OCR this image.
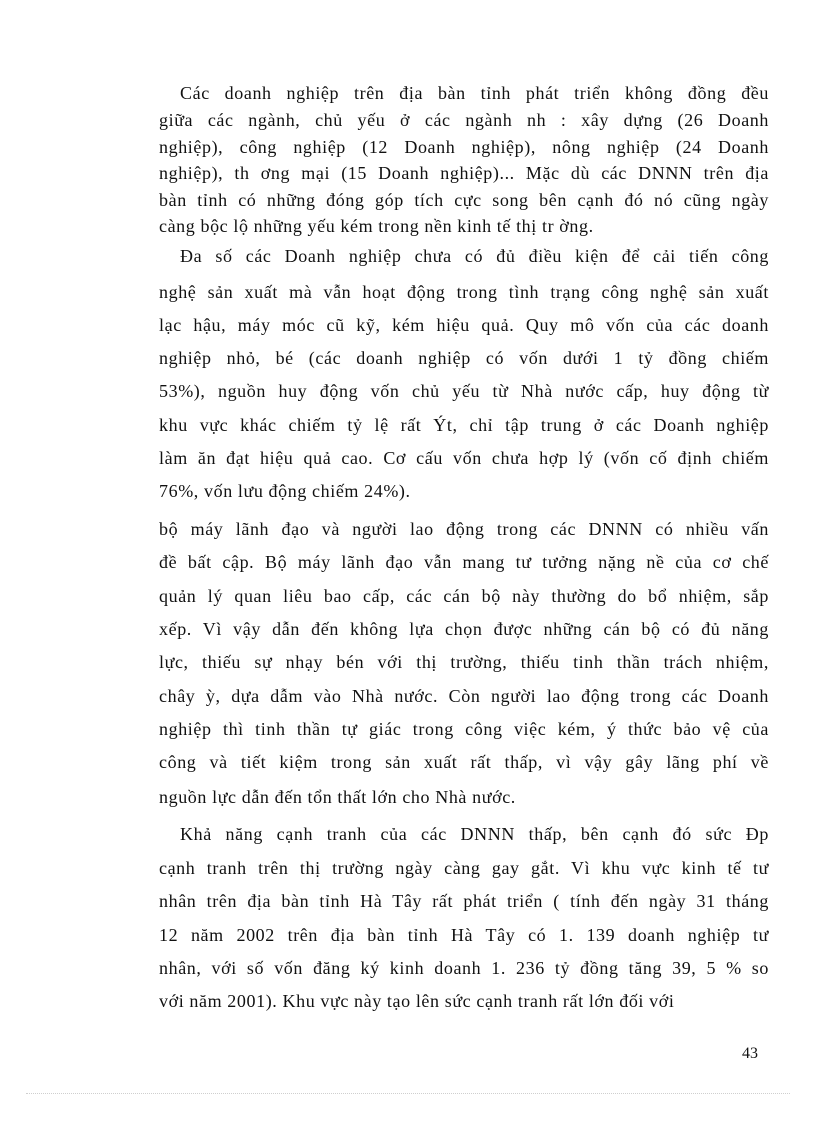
Các doanh nghiệp trên địa bàn tỉnh phát triển không đồng đều
giữa các ngành, chủ yếu ở các ngành nh : xây dựng (26 Doanh
nghiệp), công nghiệp (12 Doanh nghiệp), nông nghiệp (24 Doanh
nghiệp), th ơng mại (15 Doanh nghiệp)... Mặc dù các DNNN trên địa
bàn tỉnh có những đóng góp tích cực song bên cạnh đó nó cũng ngày
càng bộc lộ những yếu kém trong nền kinh tế thị tr ờng.
Đa số các Doanh nghiệp chưa có đủ điều kiện để cải tiến công
nghệ sản xuất mà vẫn hoạt động trong tình trạng công nghệ sản xuất
lạc hậu, máy móc cũ kỹ, kém hiệu quả. Quy mô vốn của các doanh
nghiệp nhỏ, bé (các doanh nghiệp có vốn dưới 1 tỷ đồng chiếm
53%), nguồn huy động vốn chủ yếu từ Nhà nước cấp, huy động từ
khu vực khác chiếm tỷ lệ rất Ýt, chỉ tập trung ở các Doanh nghiệp
làm ăn đạt hiệu quả cao. Cơ cấu vốn chưa hợp lý (vốn cố định chiếm
76%, vốn lưu động chiếm 24%).
bộ máy lãnh đạo và người lao động trong các DNNN có nhiều vấn
đề bất cập. Bộ máy lãnh đạo vẫn mang tư tưởng nặng nề của cơ chế
quản lý quan liêu bao cấp, các cán bộ này thường do bổ nhiệm, sắp
xếp. Vì vậy dẫn đến không lựa chọn được những cán bộ có đủ năng
lực, thiếu sự nhạy bén với thị trường, thiếu tinh thần trách nhiệm,
chây ỳ, dựa dẫm vào Nhà nước. Còn người lao động trong các Doanh
nghiệp thì tinh thần tự giác trong công việc kém, ý thức bảo vệ của
công và tiết kiệm trong sản xuất rất thấp, vì vậy gây lãng phí về
nguồn lực dẫn đến tổn thất lớn cho Nhà nước.
Khả năng cạnh tranh của các DNNN thấp, bên cạnh đó sức Đp
cạnh tranh trên thị trường ngày càng gay gắt. Vì khu vực kinh tế tư
nhân trên địa bàn tỉnh Hà Tây rất phát triển ( tính đến ngày 31 tháng
12 năm 2002 trên địa bàn tỉnh Hà Tây có 1. 139 doanh nghiệp tư
nhân, với số vốn đăng ký kinh doanh 1. 236 tỷ đồng tăng 39, 5 % so
với năm 2001). Khu vực này tạo lên sức cạnh tranh rất lớn đối với
43
